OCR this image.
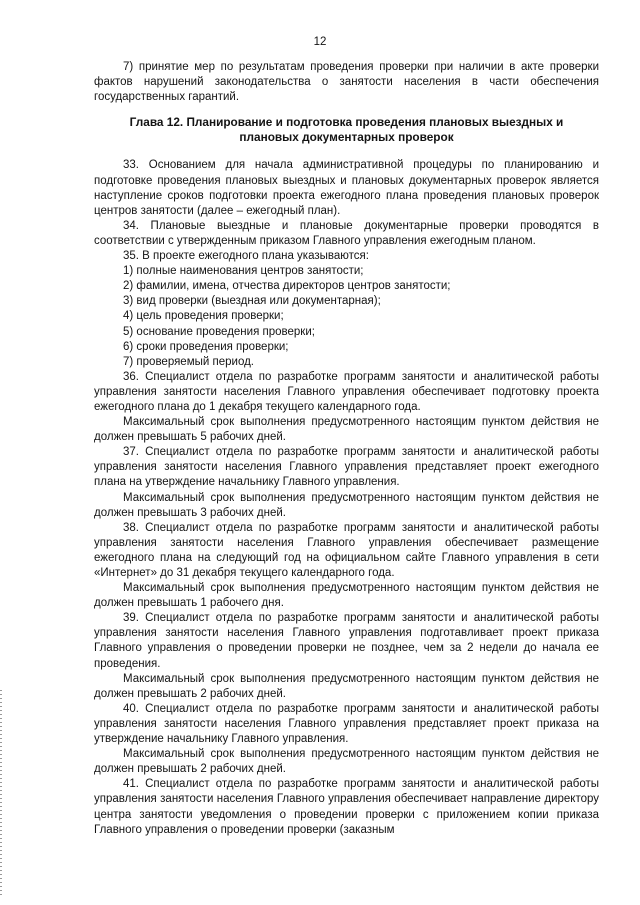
12

7) принятие мер по результатам проведения проверки при наличии в акте проверки фактов нарушений законодательства о занятости населения в части обеспечения государственных гарантий.

Глава 12. Планирование и подготовка проведения плановых выездных и
плановых документарных проверок

33. Основанием для начала административной процедуры по планированию и подготовке проведения плановых выездных и плановых документарных проверок является наступление сроков подготовки проекта ежегодного плана проведения плановых проверок центров занятости (далее – ежегодный план).

34. Плановые выездные и плановые документарные проверки проводятся в соответствии с утвержденным приказом Главного управления ежегодным планом.

35. В проекте ежегодного плана указываются:

1) полные наименования центров занятости;

2) фамилии, имена, отчества директоров центров занятости;

3) вид проверки (выездная или документарная);

4) цель проведения проверки;

5) основание проведения проверки;

6) сроки проведения проверки;

7) проверяемый период.

36. Специалист отдела по разработке программ занятости и аналитической работы управления занятости населения Главного управления обеспечивает подготовку проекта ежегодного плана до 1 декабря текущего календарного года.

Максимальный срок выполнения предусмотренного настоящим пунктом действия не должен превышать 5 рабочих дней.

37. Специалист отдела по разработке программ занятости и аналитической работы управления занятости населения Главного управления представляет проект ежегодного плана на утверждение начальнику Главного управления.

Максимальный срок выполнения предусмотренного настоящим пунктом действия не должен превышать 3 рабочих дней.

38. Специалист отдела по разработке программ занятости и аналитической работы управления занятости населения Главного управления обеспечивает размещение ежегодного плана на следующий год на официальном сайте Главного управления в сети «Интернет» до 31 декабря текущего календарного года.

Максимальный срок выполнения предусмотренного настоящим пунктом действия не должен превышать 1 рабочего дня.

39. Специалист отдела по разработке программ занятости и аналитической работы управления занятости населения Главного управления подготавливает проект приказа Главного управления о проведении проверки не позднее, чем за 2 недели до начала ее проведения.

Максимальный срок выполнения предусмотренного настоящим пунктом действия не должен превышать 2 рабочих дней.

40. Специалист отдела по разработке программ занятости и аналитической работы управления занятости населения Главного управления представляет проект приказа на утверждение начальнику Главного управления.

Максимальный срок выполнения предусмотренного настоящим пунктом действия не должен превышать 2 рабочих дней.

41. Специалист отдела по разработке программ занятости и аналитической работы управления занятости населения Главного управления обеспечивает направление директору центра занятости уведомления о проведении проверки с приложением копии приказа Главного управления о проведении проверки (заказным
